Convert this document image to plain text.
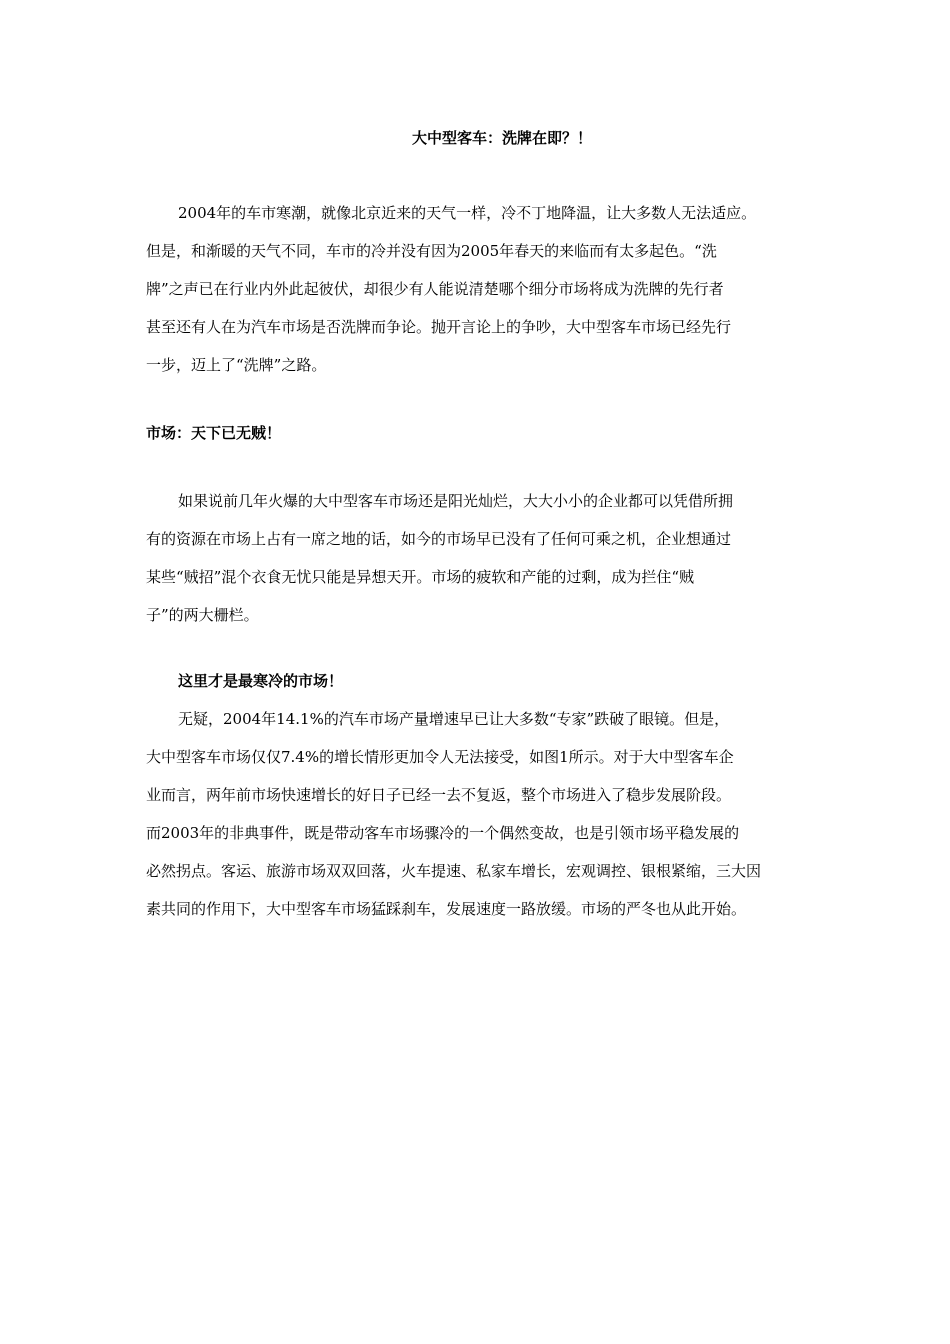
大中型客车：洗牌在即？！
2004年的车市寒潮，就像北京近来的天气一样，冷不丁地降温，让大多数人无法适应。
但是，和渐暖的天气不同，车市的冷并没有因为2005年春天的来临而有太多起色。“洗
牌”之声已在行业内外此起彼伏，却很少有人能说清楚哪个细分市场将成为洗牌的先行者
甚至还有人在为汽车市场是否洗牌而争论。抛开言论上的争吵，大中型客车市场已经先行
一步，迈上了“洗牌”之路。
市场：天下已无贼！
如果说前几年火爆的大中型客车市场还是阳光灿烂，大大小小的企业都可以凭借所拥
有的资源在市场上占有一席之地的话，如今的市场早已没有了任何可乘之机，企业想通过
某些“贼招”混个衣食无忧只能是异想天开。市场的疲软和产能的过剩，成为拦住“贼
子”的两大栅栏。
这里才是最寒冷的市场！
无疑，2004年14.1%的汽车市场产量增速早已让大多数“专家”跌破了眼镜。但是，
大中型客车市场仅仅7.4%的增长情形更加令人无法接受，如图1所示。对于大中型客车企
业而言，两年前市场快速增长的好日子已经一去不复返，整个市场进入了稳步发展阶段。
而2003年的非典事件，既是带动客车市场骤冷的一个偶然变故，也是引领市场平稳发展的
必然拐点。客运、旅游市场双双回落，火车提速、私家车增长，宏观调控、银根紧缩，三大因
素共同的作用下，大中型客车市场猛踩刹车，发展速度一路放缓。市场的严冬也从此开始。
